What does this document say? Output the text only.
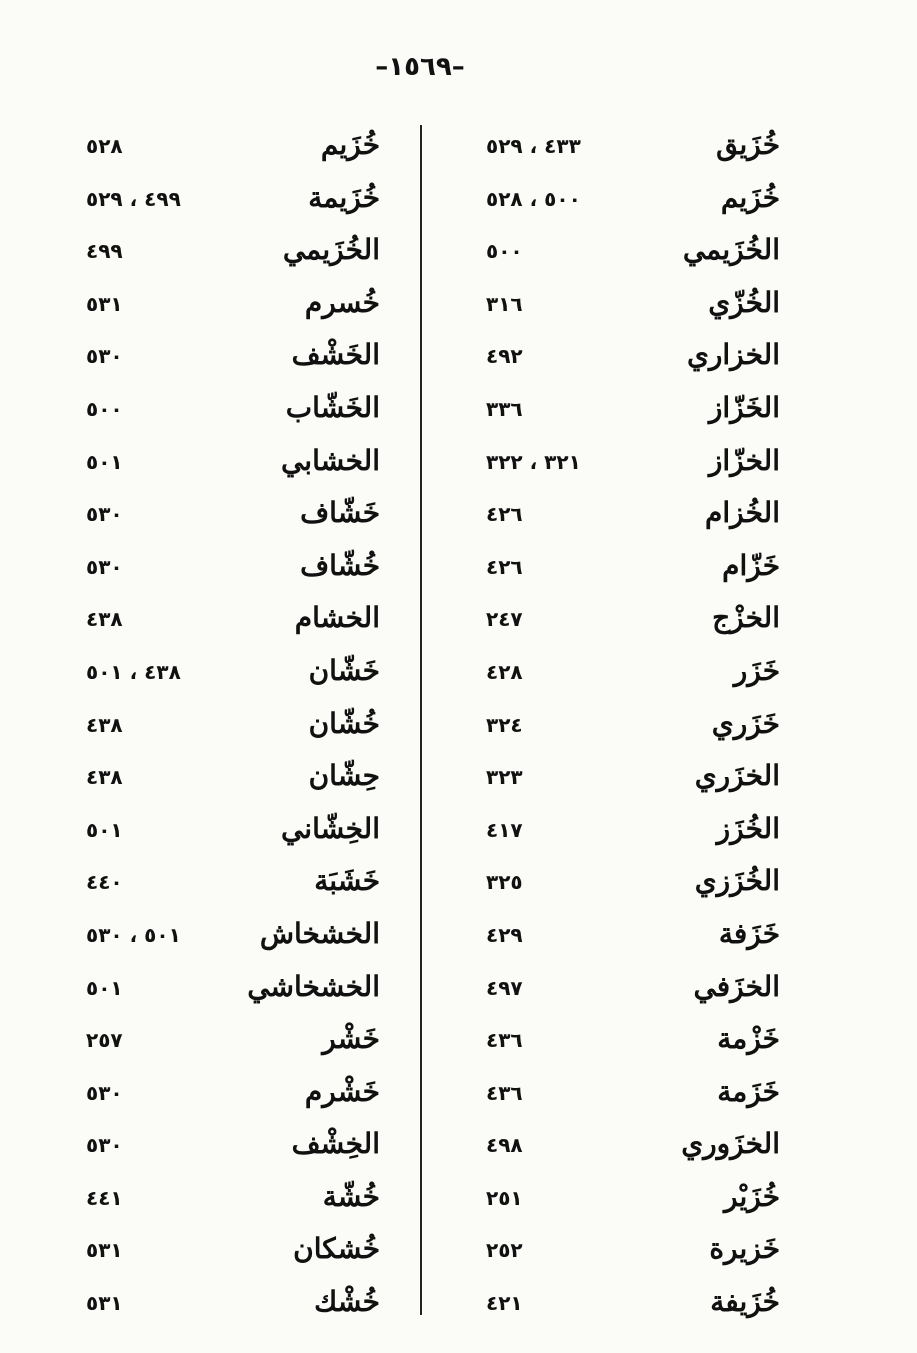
–١٥٦٩–
٤٣٣ ، ٥٢٩	خُزَيق
٥٠٠ ، ٥٢٨	خُزَيم
٥٠٠	الخُزَيمي
٣١٦	الخُزّي
٤٩٢	الخزاري
٣٣٦	الخَزّاز
٣٢١ ، ٣٢٢	الخزّاز
٤٢٦	الخُزام
٤٢٦	خَزّام
٢٤٧	الخزْج
٤٢٨	خَزَر
٣٢٤	خَزَري
٣٢٣	الخزَري
٤١٧	الخُزَز
٣٢٥	الخُزَزي
٤٢٩	خَزَفة
٤٩٧	الخزَفي
٤٣٦	خَزْمة
٤٣٦	خَزَمة
٤٩٨	الخزَوري
٢٥١	خُزَيْر
٢٥٢	خَزيرة
٤٢١	خُزَيفة
٥٢٨	خُزَيم
٤٩٩ ، ٥٢٩	خُزَيمة
٤٩٩	الخُزَيمي
٥٣١	خُسرم
٥٣٠	الخَشْف
٥٠٠	الخَشّاب
٥٠١	الخشابي
٥٣٠	خَشّاف
٥٣٠	خُشّاف
٤٣٨	الخشام
٤٣٨ ، ٥٠١	خَشّان
٤٣٨	خُشّان
٤٣٨	حِشّان
٥٠١	الخِشّاني
٤٤٠	خَشَبَة
٥٠١ ، ٥٣٠	الخشخاش
٥٠١	الخشخاشي
٢٥٧	خَشْر
٥٣٠	خَشْرم
٥٣٠	الخِشْف
٤٤١	خُشّة
٥٣١	خُشكان
٥٣١	خُشْك
